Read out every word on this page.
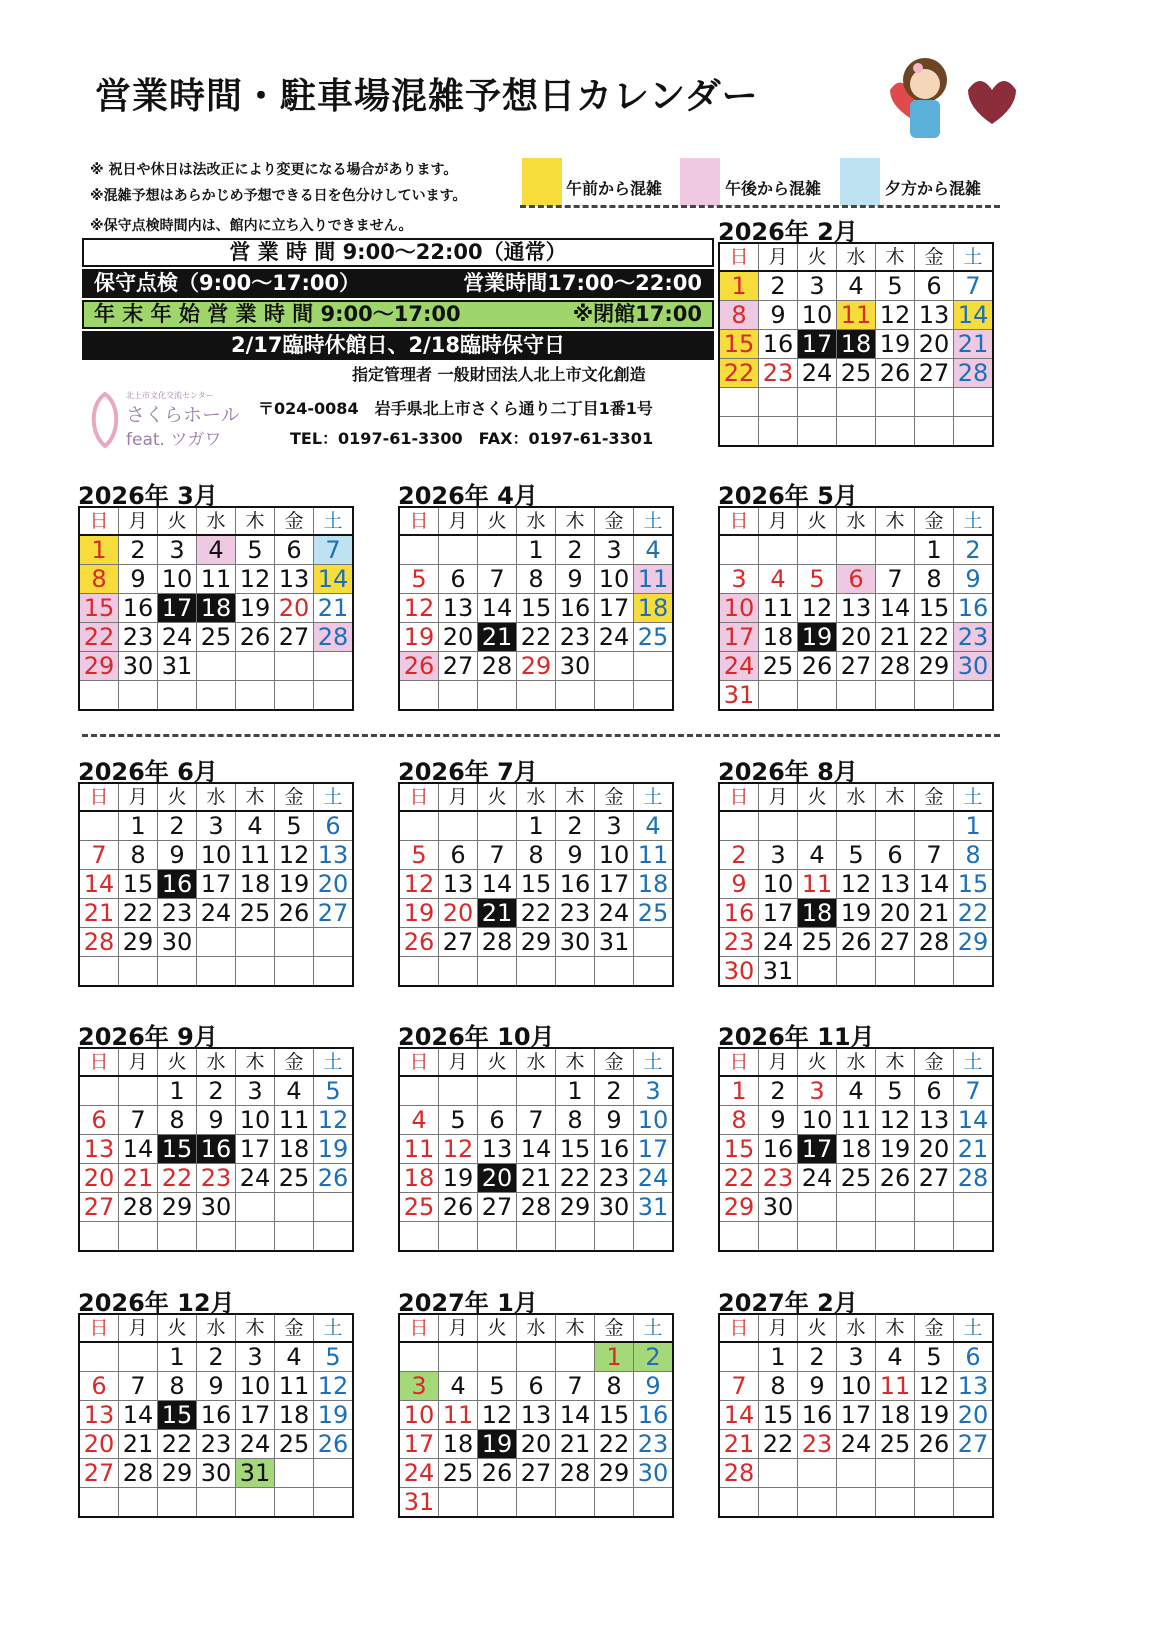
営業時間・駐車場混雑予想日カレンダー
※ 祝日や休日は法改正により変更になる場合があります。
※混雑予想はあらかじめ予想できる日を色分けしています。
※保守点検時間内は、館内に立ち入りできません。
午前から混雑	午後から混雑	夕方から混雑
営 業 時 間 9:00～22:00（通常）
保守点検（9:00～17:00）	営業時間17:00～22:00
年 末 年 始 営 業 時 間 9:00～17:00	※閉館17:00
2/17臨時休館日、2/18臨時保守日
指定管理者 一般財団法人北上市文化創造
〒024-0084　岩手県北上市さくら通り二丁目1番1号
TEL：0197-61-3300　FAX：0197-61-3301
北上市文化交流センター
さくらホール
feat. ツガワ
2026年 2月
日	月	火	水	木	金	土
1	2	3	4	5	6	7
8	9	10	11	12	13	14
15	16	17	18	19	20	21
22	23	24	25	26	27	28

2026年 3月
日	月	火	水	木	金	土
1	2	3	4	5	6	7
8	9	10	11	12	13	14
15	16	17	18	19	20	21
22	23	24	25	26	27	28
29	30	31				

2026年 4月
日	月	火	水	木	金	土
			1	2	3	4
5	6	7	8	9	10	11
12	13	14	15	16	17	18
19	20	21	22	23	24	25
26	27	28	29	30		

2026年 5月
日	月	火	水	木	金	土
					1	2
3	4	5	6	7	8	9
10	11	12	13	14	15	16
17	18	19	20	21	22	23
24	25	26	27	28	29	30
31						
2026年 6月
日	月	火	水	木	金	土
	1	2	3	4	5	6
7	8	9	10	11	12	13
14	15	16	17	18	19	20
21	22	23	24	25	26	27
28	29	30				

2026年 7月
日	月	火	水	木	金	土
			1	2	3	4
5	6	7	8	9	10	11
12	13	14	15	16	17	18
19	20	21	22	23	24	25
26	27	28	29	30	31	

2026年 8月
日	月	火	水	木	金	土
						1
2	3	4	5	6	7	8
9	10	11	12	13	14	15
16	17	18	19	20	21	22
23	24	25	26	27	28	29
30	31					
2026年 9月
日	月	火	水	木	金	土
		1	2	3	4	5
6	7	8	9	10	11	12
13	14	15	16	17	18	19
20	21	22	23	24	25	26
27	28	29	30			

2026年 10月
日	月	火	水	木	金	土
				1	2	3
4	5	6	7	8	9	10
11	12	13	14	15	16	17
18	19	20	21	22	23	24
25	26	27	28	29	30	31

2026年 11月
日	月	火	水	木	金	土
1	2	3	4	5	6	7
8	9	10	11	12	13	14
15	16	17	18	19	20	21
22	23	24	25	26	27	28
29	30					

2026年 12月
日	月	火	水	木	金	土
		1	2	3	4	5
6	7	8	9	10	11	12
13	14	15	16	17	18	19
20	21	22	23	24	25	26
27	28	29	30	31		

2027年 1月
日	月	火	水	木	金	土
					1	2
3	4	5	6	7	8	9
10	11	12	13	14	15	16
17	18	19	20	21	22	23
24	25	26	27	28	29	30
31						
2027年 2月
日	月	火	水	木	金	土
	1	2	3	4	5	6
7	8	9	10	11	12	13
14	15	16	17	18	19	20
21	22	23	24	25	26	27
28						
